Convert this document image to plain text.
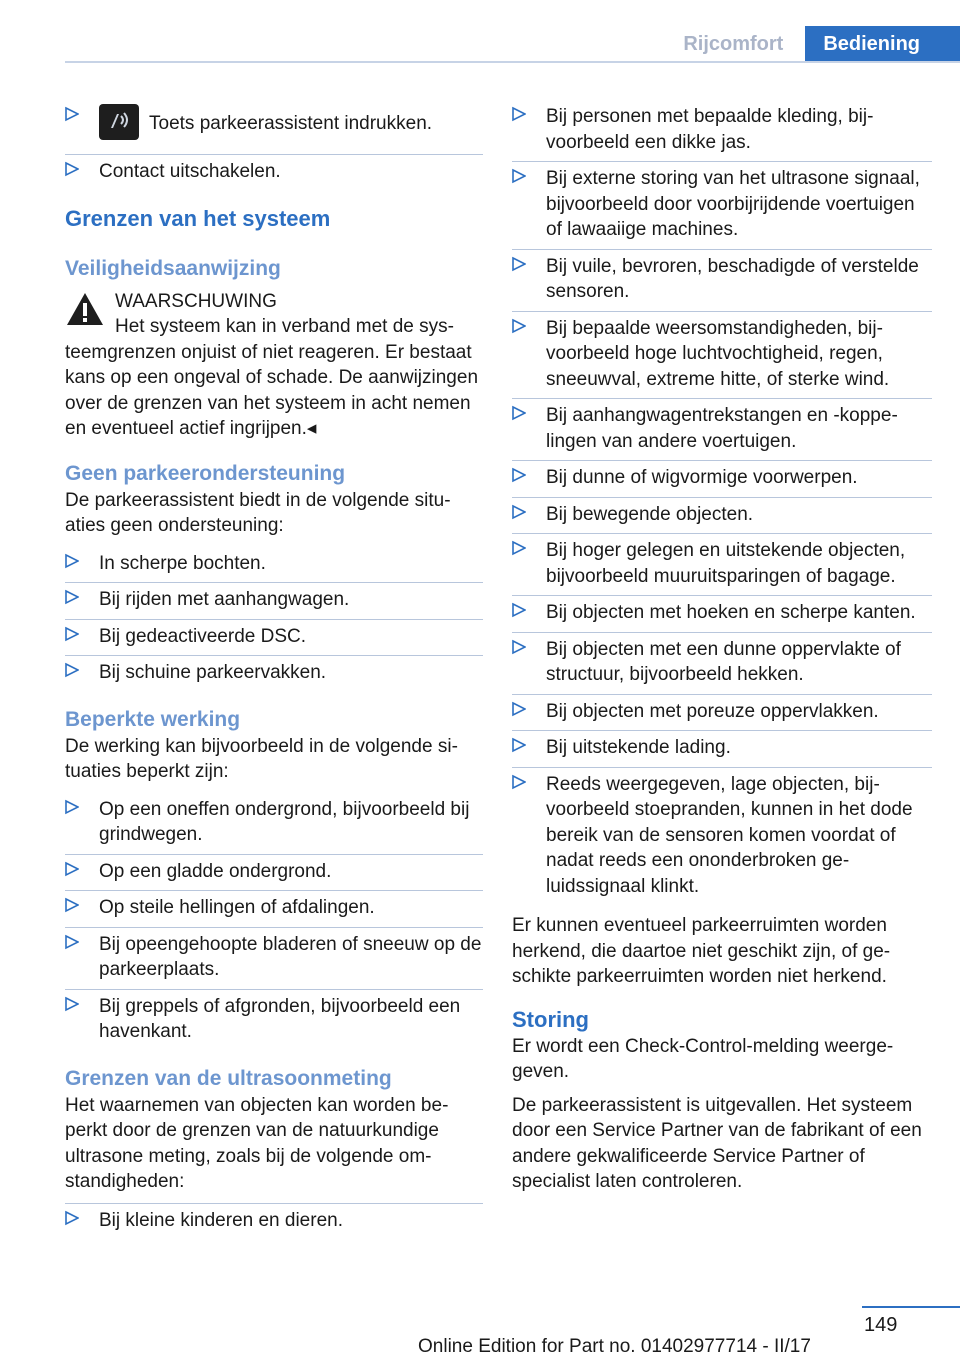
Rijcomfort	Bediening
Toets parkeerassistent indrukken.
Contact uitschakelen.
Grenzen van het systeem
Veiligheidsaanwijzing
WAARSCHUWING

Het systeem kan in verband met de systeemgrenzen onjuist of niet reageren. Er bestaat kans op een ongeval of schade. De aanwijzingen over de grenzen van het systeem in acht nemen en eventueel actief ingrijpen.◂

Geen parkeerondersteuning

De parkeerassistent biedt in de volgende situaties geen ondersteuning:

In scherpe bochten.
Bij rijden met aanhangwagen.
Bij gedeactiveerde DSC.
Bij schuine parkeervakken.
Beperkte werking

De werking kan bijvoorbeeld in de volgende situaties beperkt zijn:

Op een oneffen ondergrond, bijvoorbeeld bij grindwegen.
Op een gladde ondergrond.
Op steile hellingen of afdalingen.
Bij opeengehoopte bladeren of sneeuw op de parkeerplaats.
Bij greppels of afgronden, bijvoorbeeld een havenkant.
Grenzen van de ultrasoonmeting

Het waarnemen van objecten kan worden beperkt door de grenzen van de natuurkundige ultrasone meting, zoals bij de volgende omstandigheden:

Bij kleine kinderen en dieren.
Bij personen met bepaalde kleding, bijvoorbeeld een dikke jas.
Bij externe storing van het ultrasone signaal, bijvoorbeeld door voorbijrijdende voertuigen of lawaaiige machines.
Bij vuile, bevroren, beschadigde of verstelde sensoren.
Bij bepaalde weersomstandigheden, bijvoorbeeld hoge luchtvochtigheid, regen, sneeuwval, extreme hitte, of sterke wind.
Bij aanhangwagentrekstangen en -koppelingen van andere voertuigen.
Bij dunne of wigvormige voorwerpen.
Bij bewegende objecten.
Bij hoger gelegen en uitstekende objecten, bijvoorbeeld muuruitsparingen of bagage.
Bij objecten met hoeken en scherpe kanten.
Bij objecten met een dunne oppervlakte of structuur, bijvoorbeeld hekken.
Bij objecten met poreuze oppervlakken.
Bij uitstekende lading.
Reeds weergegeven, lage objecten, bijvoorbeeld stoepranden, kunnen in het dode bereik van de sensoren komen voordat of nadat reeds een ononderbroken geluidssignaal klinkt.

Er kunnen eventueel parkeerruimten worden herkend, die daartoe niet geschikt zijn, of geschikte parkeerruimten worden niet herkend.

Storing

Er wordt een Check-Control-melding weergegeven.

De parkeerassistent is uitgevallen. Het systeem door een Service Partner van de fabrikant of een andere gekwalificeerde Service Partner of specialist laten controleren.

149
Online Edition for Part no. 01402977714 - II/17
